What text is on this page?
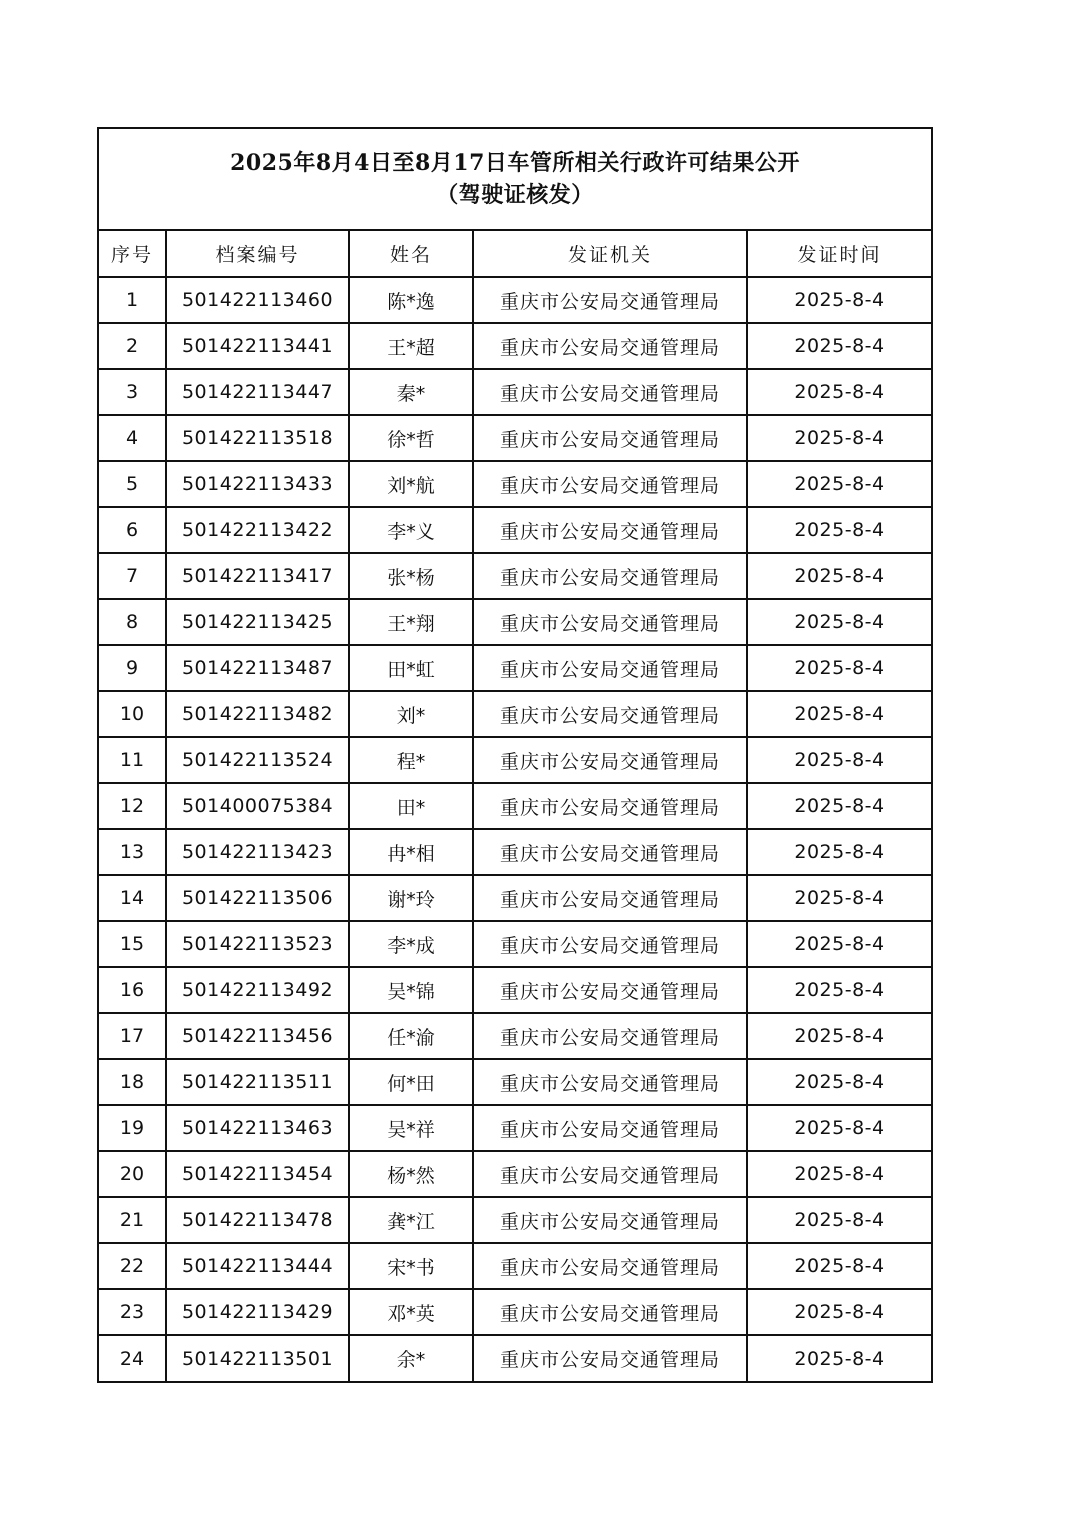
2025年8月4日至8月17日车管所相关行政许可结果公开
（驾驶证核发）
序号	档案编号	姓名	发证机关	发证时间
1	501422113460	陈*逸	重庆市公安局交通管理局	2025-8-4
2	501422113441	王*超	重庆市公安局交通管理局	2025-8-4
3	501422113447	秦*	重庆市公安局交通管理局	2025-8-4
4	501422113518	徐*哲	重庆市公安局交通管理局	2025-8-4
5	501422113433	刘*航	重庆市公安局交通管理局	2025-8-4
6	501422113422	李*义	重庆市公安局交通管理局	2025-8-4
7	501422113417	张*杨	重庆市公安局交通管理局	2025-8-4
8	501422113425	王*翔	重庆市公安局交通管理局	2025-8-4
9	501422113487	田*虹	重庆市公安局交通管理局	2025-8-4
10	501422113482	刘*	重庆市公安局交通管理局	2025-8-4
11	501422113524	程*	重庆市公安局交通管理局	2025-8-4
12	501400075384	田*	重庆市公安局交通管理局	2025-8-4
13	501422113423	冉*相	重庆市公安局交通管理局	2025-8-4
14	501422113506	谢*玲	重庆市公安局交通管理局	2025-8-4
15	501422113523	李*成	重庆市公安局交通管理局	2025-8-4
16	501422113492	吴*锦	重庆市公安局交通管理局	2025-8-4
17	501422113456	任*渝	重庆市公安局交通管理局	2025-8-4
18	501422113511	何*田	重庆市公安局交通管理局	2025-8-4
19	501422113463	吴*祥	重庆市公安局交通管理局	2025-8-4
20	501422113454	杨*然	重庆市公安局交通管理局	2025-8-4
21	501422113478	龚*江	重庆市公安局交通管理局	2025-8-4
22	501422113444	宋*书	重庆市公安局交通管理局	2025-8-4
23	501422113429	邓*英	重庆市公安局交通管理局	2025-8-4
24	501422113501	余*	重庆市公安局交通管理局	2025-8-4
